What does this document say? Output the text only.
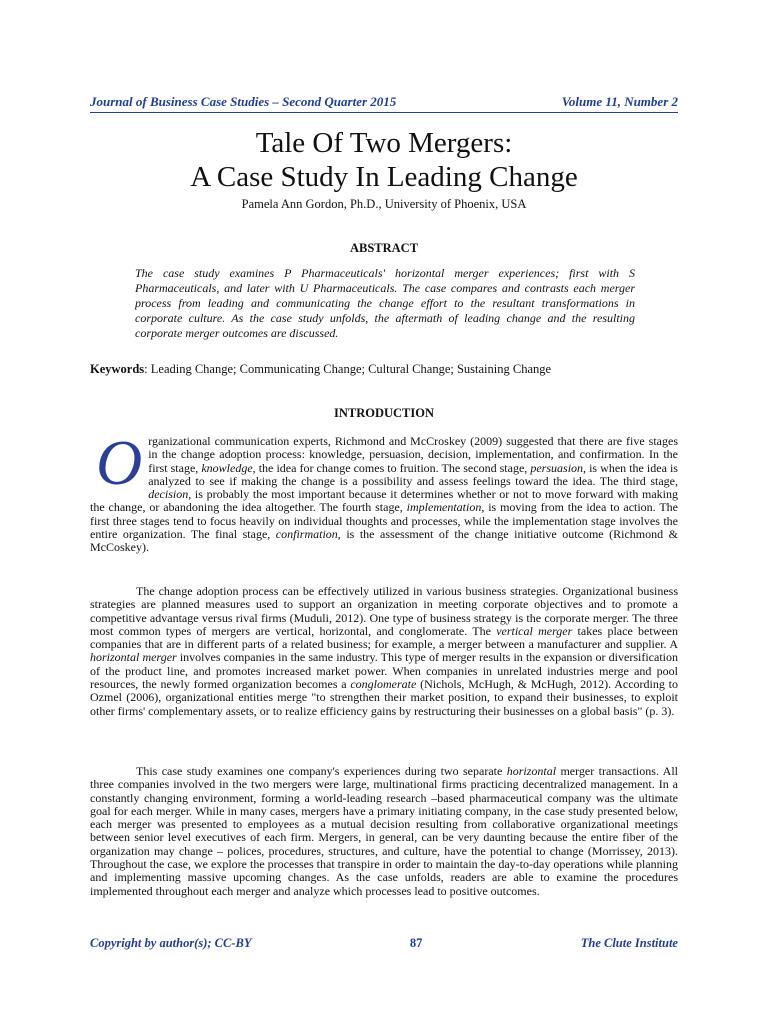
Journal of Business Case Studies – Second Quarter 2015	Volume 11, Number 2
Tale Of Two Mergers:
A Case Study In Leading Change
Pamela Ann Gordon, Ph.D., University of Phoenix, USA
ABSTRACT
The case study examines P Pharmaceuticals' horizontal merger experiences; first with S Pharmaceuticals, and later with U Pharmaceuticals. The case compares and contrasts each merger process from leading and communicating the change effort to the resultant transformations in corporate culture. As the case study unfolds, the aftermath of leading change and the resulting corporate merger outcomes are discussed.
Keywords: Leading Change; Communicating Change; Cultural Change; Sustaining Change
INTRODUCTION
Organizational communication experts, Richmond and McCroskey (2009) suggested that there are five stages in the change adoption process: knowledge, persuasion, decision, implementation, and confirmation. In the first stage, knowledge, the idea for change comes to fruition. The second stage, persuasion, is when the idea is analyzed to see if making the change is a possibility and assess feelings toward the idea. The third stage, decision, is probably the most important because it determines whether or not to move forward with making the change, or abandoning the idea altogether. The fourth stage, implementation, is moving from the idea to action. The first three stages tend to focus heavily on individual thoughts and processes, while the implementation stage involves the entire organization. The final stage, confirmation, is the assessment of the change initiative outcome (Richmond & McCoskey).
The change adoption process can be effectively utilized in various business strategies. Organizational business strategies are planned measures used to support an organization in meeting corporate objectives and to promote a competitive advantage versus rival firms (Muduli, 2012). One type of business strategy is the corporate merger. The three most common types of mergers are vertical, horizontal, and conglomerate. The vertical merger takes place between companies that are in different parts of a related business; for example, a merger between a manufacturer and supplier. A horizontal merger involves companies in the same industry. This type of merger results in the expansion or diversification of the product line, and promotes increased market power. When companies in unrelated industries merge and pool resources, the newly formed organization becomes a conglomerate (Nichols, McHugh, & McHugh, 2012). According to Ozmel (2006), organizational entities merge "to strengthen their market position, to expand their businesses, to exploit other firms' complementary assets, or to realize efficiency gains by restructuring their businesses on a global basis" (p. 3).
This case study examines one company's experiences during two separate horizontal merger transactions. All three companies involved in the two mergers were large, multinational firms practicing decentralized management. In a constantly changing environment, forming a world-leading research –based pharmaceutical company was the ultimate goal for each merger. While in many cases, mergers have a primary initiating company, in the case study presented below, each merger was presented to employees as a mutual decision resulting from collaborative organizational meetings between senior level executives of each firm. Mergers, in general, can be very daunting because the entire fiber of the organization may change – polices, procedures, structures, and culture, have the potential to change (Morrissey, 2013). Throughout the case, we explore the processes that transpire in order to maintain the day-to-day operations while planning and implementing massive upcoming changes. As the case unfolds, readers are able to examine the procedures implemented throughout each merger and analyze which processes lead to positive outcomes.
Copyright by author(s); CC-BY	87	The Clute Institute
